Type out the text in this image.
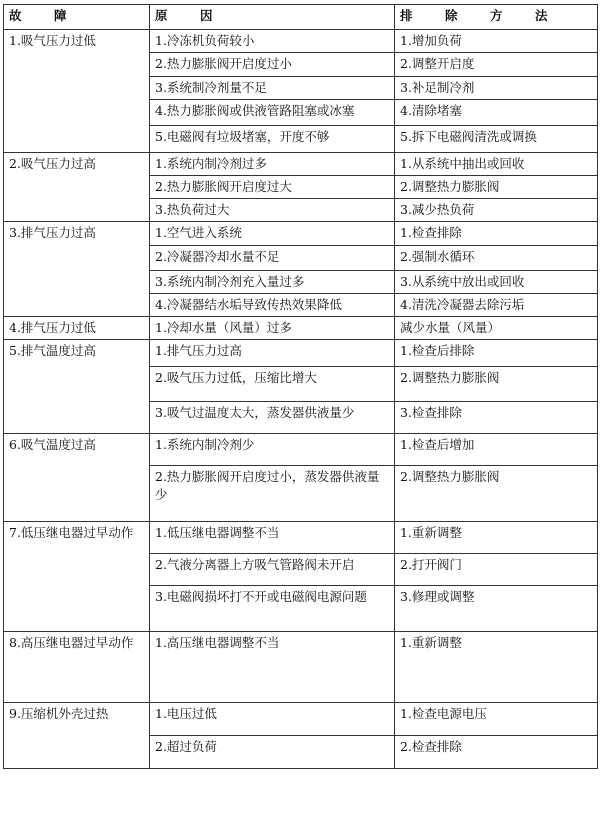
故　障	原　因	排　除　方　法
1.吸气压力过低	1.冷冻机负荷较小	1.增加负荷
	2.热力膨胀阀开启度过小	2.调整开启度
	3.系统制冷剂量不足	3.补足制冷剂
	4.热力膨胀阀或供液管路阻塞或冰塞	4.清除堵塞
	5.电磁阀有垃圾堵塞，开度不够	5.拆下电磁阀清洗或调换
2.吸气压力过高	1.系统内制冷剂过多	1.从系统中抽出或回收
	2.热力膨胀阀开启度过大	2.调整热力膨胀阀
	3.热负荷过大	3.减少热负荷
3.排气压力过高	1.空气进入系统	1.检查排除
	2.冷凝器冷却水量不足	2.强制水循环
	3.系统内制冷剂充入量过多	3.从系统中放出或回收
	4.冷凝器结水垢导致传热效果降低	4.清洗冷凝器去除污垢
4.排气压力过低	1.冷却水量（风量）过多	减少水量（风量）
5.排气温度过高	1.排气压力过高	1.检查后排除
	2.吸气压力过低，压缩比增大	2.调整热力膨胀阀
	3.吸气过温度太大，蒸发器供液量少	3.检查排除
6.吸气温度过高	1.系统内制冷剂少	1.检查后增加
	2.热力膨胀阀开启度过小，蒸发器供液量少	2.调整热力膨胀阀
7.低压继电器过早动作	1.低压继电器调整不当	1.重新调整
	2.气液分离器上方吸气管路阀未开启	2.打开阀门
	3.电磁阀损坏打不开或电磁阀电源问题	3.修理或调整
8.高压继电器过早动作	1.高压继电器调整不当	1.重新调整
9.压缩机外壳过热	1.电压过低	1.检查电源电压
	2.超过负荷	2.检查排除
